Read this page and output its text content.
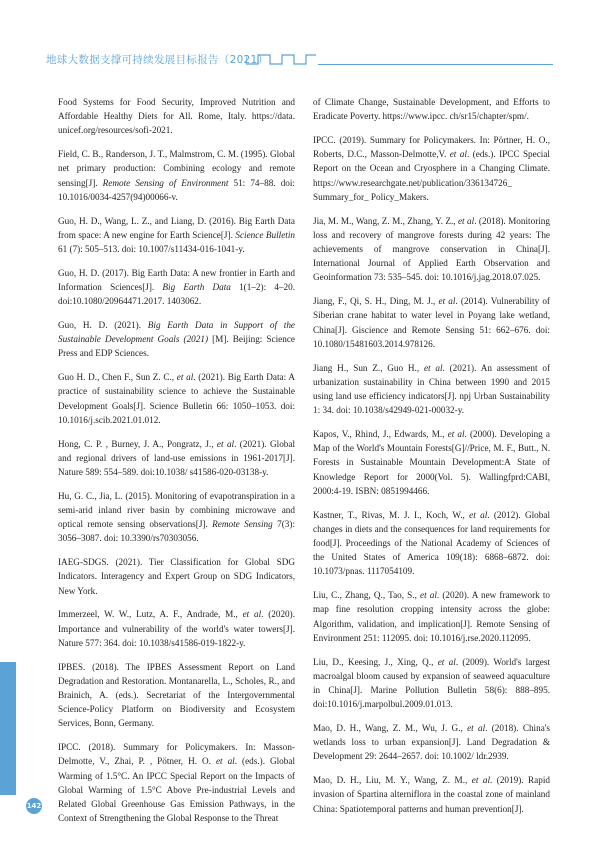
地球大数据支撑可持续发展目标报告（2021）

Food Systems for Food Security, Improved Nutrition and Affordable Healthy Diets for All. Rome, Italy. https://data. unicef.org/resources/sofi-2021.

Field, C. B., Randerson, J. T., Malmstrom, C. M. (1995). Global net primary production: Combining ecology and remote sensing[J]. Remote Sensing of Environment 51: 74–88. doi: 10.1016/0034-4257(94)00066-v.

Guo, H. D., Wang, L. Z., and Liang, D. (2016). Big Earth Data from space: A new engine for Earth Science[J]. Science Bulletin 61 (7): 505–513. doi: 10.1007/s11434-016-1041-y.

Guo, H. D. (2017). Big Earth Data: A new frontier in Earth and Information Sciences[J]. Big Earth Data 1(1–2): 4–20. doi:10.1080/20964471.2017. 1403062.

Guo, H. D. (2021). Big Earth Data in Support of the Sustainable Development Goals (2021) [M]. Beijing: Science Press and EDP Sciences.

Guo H. D., Chen F., Sun Z. C., et al. (2021). Big Earth Data: A practice of sustainability science to achieve the Sustainable Development Goals[J]. Science Bulletin 66: 1050–1053. doi: 10.1016/j.scib.2021.01.012.

Hong, C. P. , Burney, J. A., Pongratz, J., et al. (2021). Global and regional drivers of land-use emissions in 1961-2017[J]. Nature 589: 554–589. doi:10.1038/ s41586-020-03138-y.

Hu, G. C., Jia, L. (2015). Monitoring of evapotranspiration in a semi-arid inland river basin by combining microwave and optical remote sensing observations[J]. Remote Sensing 7(3): 3056–3087. doi: 10.3390/rs70303056.

IAEG-SDGS. (2021). Tier Classification for Global SDG Indicators. Interagency and Expert Group on SDG Indicators, New York.

Immerzeel, W. W., Lutz, A. F., Andrade, M., et al. (2020). Importance and vulnerability of the world's water towers[J]. Nature 577: 364. doi: 10.1038/s41586-019-1822-y.

IPBES. (2018). The IPBES Assessment Report on Land Degradation and Restoration. Montanarella, L., Scholes, R., and Brainich, A. (eds.). Secretariat of the Intergovernmental Science-Policy Platform on Biodiversity and Ecosystem Services, Bonn, Germany.

IPCC. (2018). Summary for Policymakers. In: Masson-Delmotte, V., Zhai, P. , Pötner, H. O. et al. (eds.). Global Warming of 1.5°C. An IPCC Special Report on the Impacts of Global Warming of 1.5°C Above Pre-industrial Levels and Related Global Greenhouse Gas Emission Pathways, in the Context of Strengthening the Global Response to the Threat

of Climate Change, Sustainable Development, and Efforts to Eradicate Poverty. https://www.ipcc. ch/sr15/chapter/spm/.

IPCC. (2019). Summary for Policymakers. In: Pörtner, H. O., Roberts, D.C., Masson-Delmotte,V. et al. (eds.). IPCC Special Report on the Ocean and Cryosphere in a Changing Climate. https://www.researchgate.net/publication/336134726_ Summary_for_ Policy_Makers.

Jia, M. M., Wang, Z. M., Zhang, Y. Z., et al. (2018). Monitoring loss and recovery of mangrove forests during 42 years: The achievements of mangrove conservation in China[J]. International Journal of Applied Earth Observation and Geoinformation 73: 535–545. doi: 10.1016/j.jag.2018.07.025.

Jiang, F., Qi, S. H., Ding, M. J., et al. (2014). Vulnerability of Siberian crane habitat to water level in Poyang lake wetland, China[J]. Giscience and Remote Sensing 51: 662–676. doi: 10.1080/15481603.2014.978126.

Jiang H., Sun Z., Guo H., et al. (2021). An assessment of urbanization sustainability in China between 1990 and 2015 using land use efficiency indicators[J]. npj Urban Sustainability 1: 34. doi: 10.1038/s42949-021-00032-y.

Kapos, V., Rhind, J., Edwards, M., et al. (2000). Developing a Map of the World's Mountain Forests[G]//Price, M. F., Butt., N. Forests in Sustainable Mountain Development:A State of Knowledge Report for 2000(Vol. 5). Wallingfprd:CABI, 2000:4-19. ISBN: 0851994466.

Kastner, T., Rivas, M. J. I., Koch, W., et al. (2012). Global changes in diets and the consequences for land requirements for food[J]. Proceedings of the National Academy of Sciences of the United States of America 109(18): 6868–6872. doi: 10.1073/pnas. 1117054109.

Liu, C., Zhang, Q., Tao, S., et al. (2020). A new framework to map fine resolution cropping intensity across the globe: Algorithm, validation, and implication[J]. Remote Sensing of Environment 251: 112095. doi: 10.1016/j.rse.2020.112095.

Liu, D., Keesing, J., Xing, Q., et al. (2009). World's largest macroalgal bloom caused by expansion of seaweed aquaculture in China[J]. Marine Pollution Bulletin 58(6): 888–895. doi:10.1016/j.marpolbul.2009.01.013.

Mao, D. H., Wang, Z. M., Wu, J. G., et al. (2018). China's wetlands loss to urban expansion[J]. Land Degradation & Development 29: 2644–2657. doi: 10.1002/ ldr.2939.

Mao, D. H., Liu, M. Y., Wang, Z. M., et al. (2019). Rapid invasion of Spartina alterniflora in the coastal zone of mainland China: Spatiotemporal patterns and human prevention[J].

142
